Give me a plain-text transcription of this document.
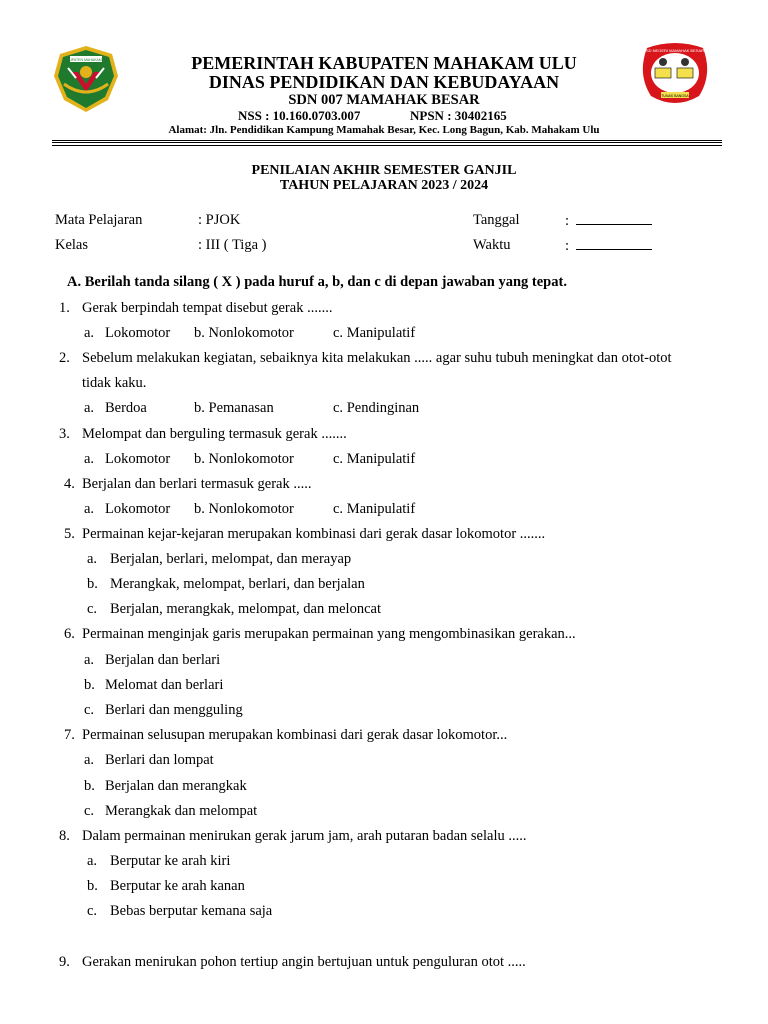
KABUPATEN MAHAKAM ULU
SD NEGERI MAMAHAK BESAR
TUNAS BANGSA
PEMERINTAH KABUPATEN MAHAKAM ULU
DINAS PENDIDIKAN DAN KEBUDAYAAN
SDN 007 MAMAHAK BESAR
NSS : 10.160.0703.007	NPSN : 30402165
Alamat: Jln. Pendidikan Kampung Mamahak Besar, Kec. Long Bagun, Kab. Mahakam Ulu
PENILAIAN AKHIR SEMESTER GANJIL
TAHUN PELAJARAN 2023 / 2024
Mata Pelajaran	: PJOK	Tanggal	:
Kelas	: III ( Tiga )	Waktu	:
A. Berilah tanda silang ( X ) pada huruf a, b, dan c di depan jawaban yang tepat.
1. Gerak berpindah tempat disebut gerak .......
a. Lokomotor b. Nonlokomotor	c. Manipulatif
2. Sebelum melakukan kegiatan, sebaiknya kita melakukan ..... agar suhu tubuh meningkat dan otot-otot
tidak kaku.
a. Berdoa	b. Pemanasan	c. Pendinginan
3. Melompat dan berguling termasuk gerak .......
a. Lokomotor b. Nonlokomotor	c. Manipulatif
4. Berjalan dan berlari termasuk gerak .....
a. Lokomotor b. Nonlokomotor	c. Manipulatif
5. Permainan kejar-kejaran merupakan kombinasi dari gerak dasar lokomotor .......
a. Berjalan, berlari, melompat, dan merayap
b. Merangkak, melompat, berlari, dan berjalan
c. Berjalan, merangkak, melompat, dan meloncat
6. Permainan menginjak garis merupakan permainan yang mengombinasikan gerakan...
a. Berjalan dan berlari
b. Melomat dan berlari
c. Berlari dan mengguling
7. Permainan selusupan merupakan kombinasi dari gerak dasar lokomotor...
a. Berlari dan lompat
b. Berjalan dan merangkak
c. Merangkak dan melompat
8. Dalam permainan menirukan gerak jarum jam, arah putaran badan selalu .....
a. Berputar ke arah kiri
b. Berputar ke arah kanan
c. Bebas berputar kemana saja
9. Gerakan menirukan pohon tertiup angin bertujuan untuk penguluran otot .....
